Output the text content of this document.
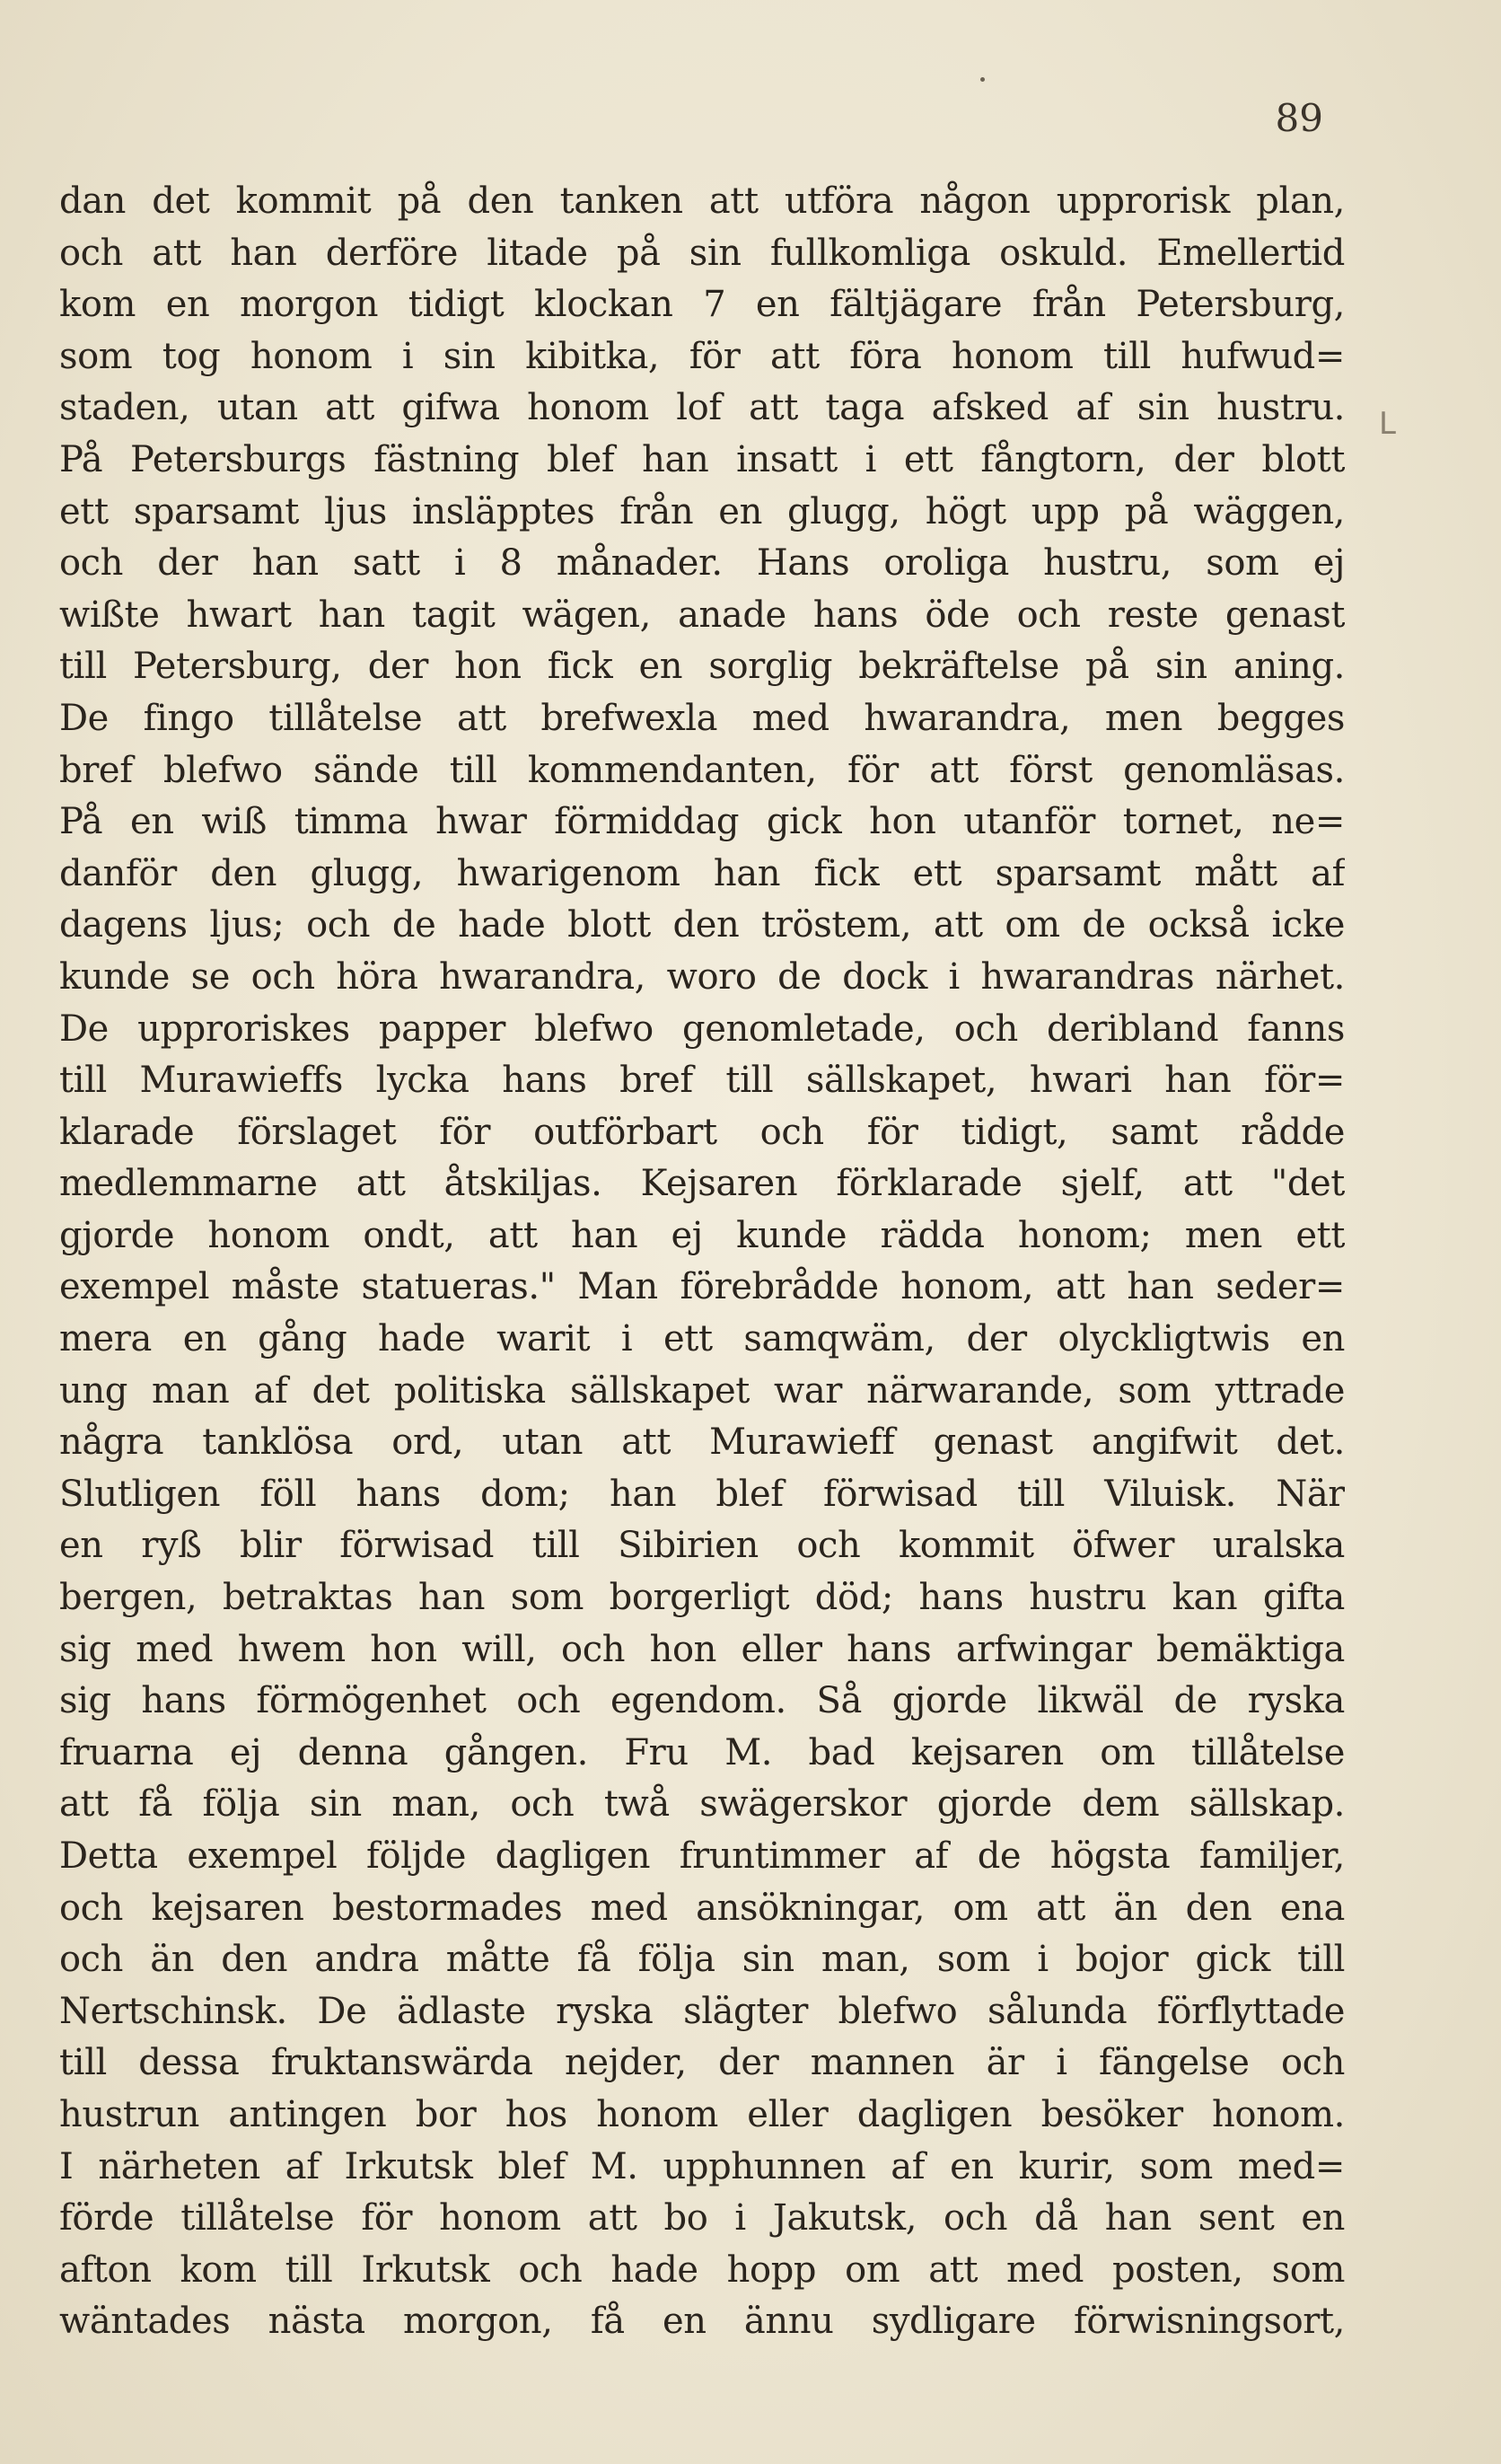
89
L
dan det kommit på den tanken att utföra någon upprorisk plan,
och att han derföre litade på sin fullkomliga oskuld. Emellertid
kom en morgon tidigt klockan 7 en fältjägare från Petersburg,
som tog honom i sin kibitka, för att föra honom till hufwud=
staden, utan att gifwa honom lof att taga afsked af sin hustru.
På Petersburgs fästning blef han insatt i ett fångtorn, der blott
ett sparsamt ljus insläpptes från en glugg, högt upp på wäggen,
och der han satt i 8 månader. Hans oroliga hustru, som ej
wißte hwart han tagit wägen, anade hans öde och reste genast
till Petersburg, der hon fick en sorglig bekräftelse på sin aning.
De fingo tillåtelse att brefwexla med hwarandra, men begges
bref blefwo sände till kommendanten, för att först genomläsas.
På en wiß timma hwar förmiddag gick hon utanför tornet, ne=
danför den glugg, hwarigenom han fick ett sparsamt mått af
dagens ljus; och de hade blott den tröstem, att om de också icke
kunde se och höra hwarandra, woro de dock i hwarandras närhet.
De upproriskes papper blefwo genomletade, och deribland fanns
till Murawieffs lycka hans bref till sällskapet, hwari han för=
klarade förslaget för outförbart och för tidigt, samt rådde
medlemmarne att åtskiljas. Kejsaren förklarade sjelf, att "det
gjorde honom ondt, att han ej kunde rädda honom; men ett
exempel måste statueras." Man förebrådde honom, att han seder=
mera en gång hade warit i ett samqwäm, der olyckligtwis en
ung man af det politiska sällskapet war närwarande, som yttrade
några tanklösa ord, utan att Murawieff genast angifwit det.
Slutligen föll hans dom; han blef förwisad till Viluisk. När
en ryß blir förwisad till Sibirien och kommit öfwer uralska
bergen, betraktas han som borgerligt död; hans hustru kan gifta
sig med hwem hon will, och hon eller hans arfwingar bemäktiga
sig hans förmögenhet och egendom. Så gjorde likwäl de ryska
fruarna ej denna gången. Fru M. bad kejsaren om tillåtelse
att få följa sin man, och twå swägerskor gjorde dem sällskap.
Detta exempel följde dagligen fruntimmer af de högsta familjer,
och kejsaren bestormades med ansökningar, om att än den ena
och än den andra måtte få följa sin man, som i bojor gick till
Nertschinsk. De ädlaste ryska slägter blefwo sålunda förflyttade
till dessa fruktanswärda nejder, der mannen är i fängelse och
hustrun antingen bor hos honom eller dagligen besöker honom.
I närheten af Irkutsk blef M. upphunnen af en kurir, som med=
förde tillåtelse för honom att bo i Jakutsk, och då han sent en
afton kom till Irkutsk och hade hopp om att med posten, som
wäntades nästa morgon, få en ännu sydligare förwisningsort,
